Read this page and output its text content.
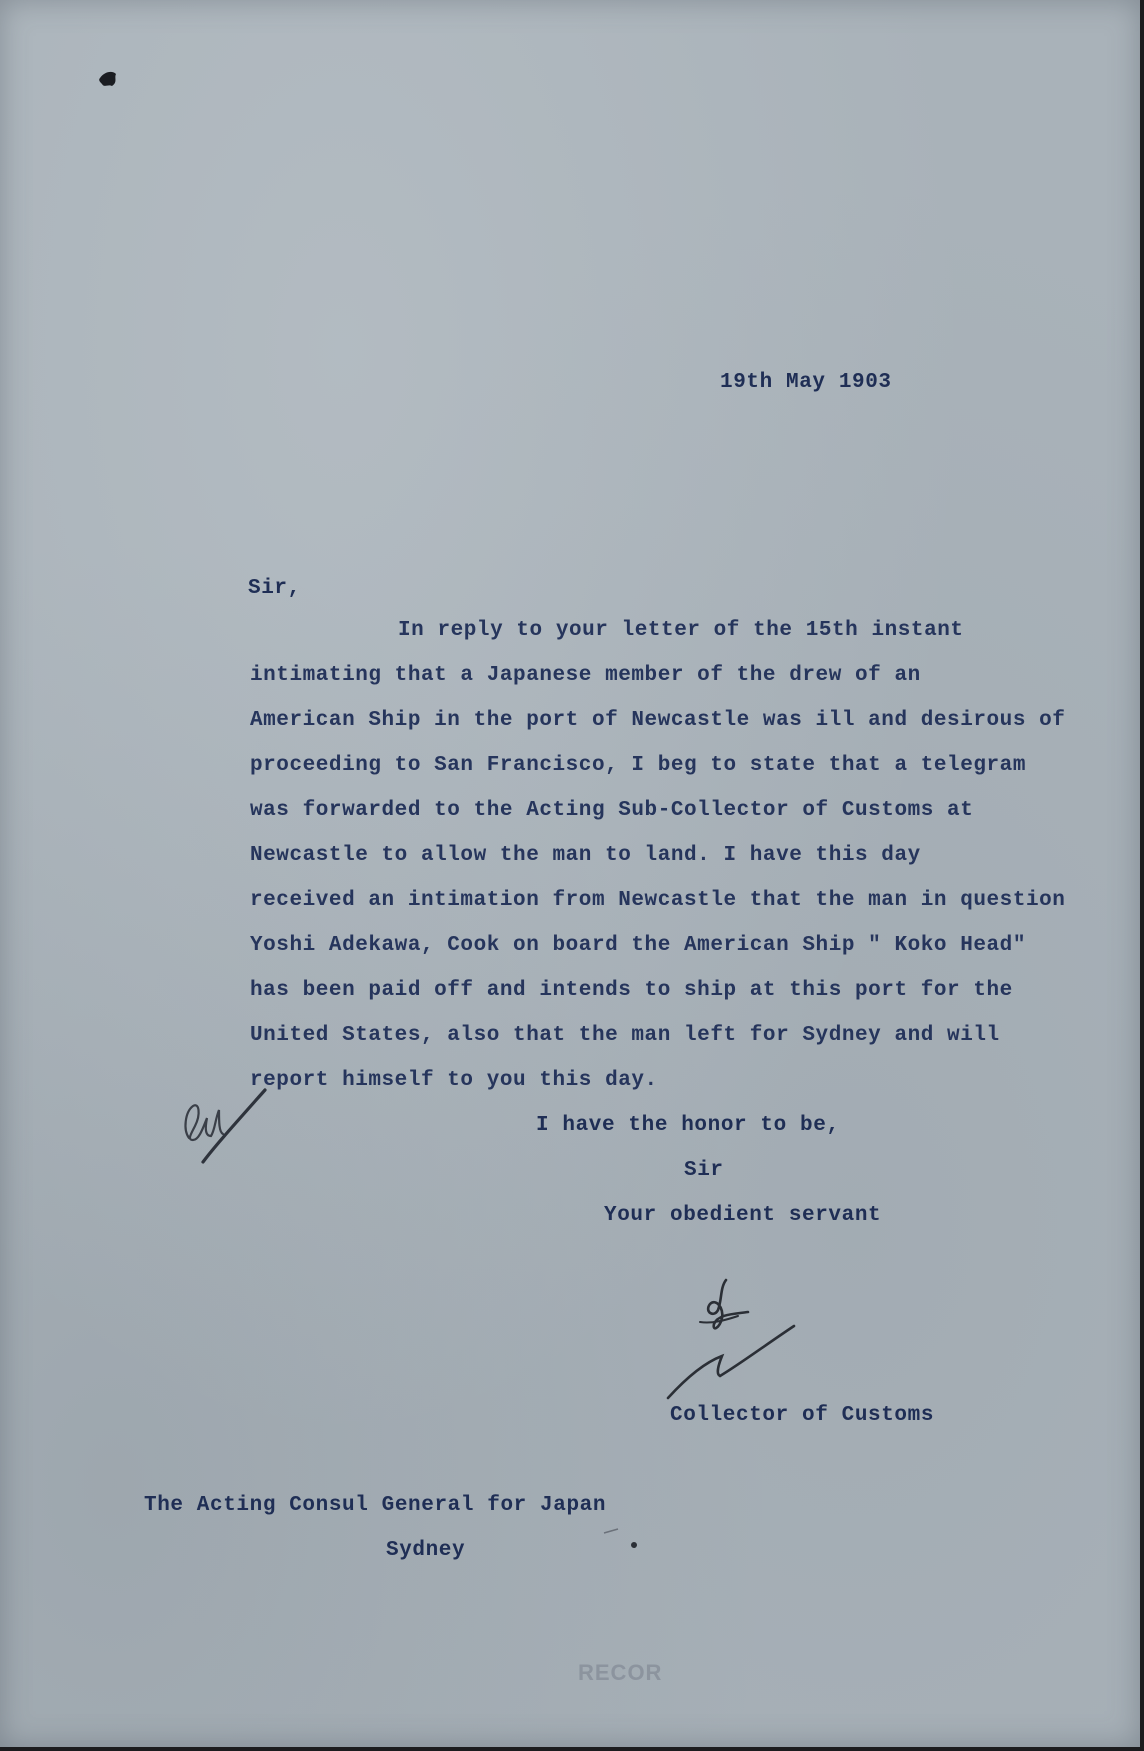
19th May 1903
Sir,
In reply to your letter of the 15th instant
intimating that a Japanese member of the drew of an
American Ship in the port of Newcastle was ill and desirous of
proceeding to San Francisco, I beg to state that a telegram
was forwarded to the Acting Sub-Collector of Customs at
Newcastle to allow the man to land. I have this day
received an intimation from Newcastle that the man in question
Yoshi Adekawa, Cook on board the American Ship " Koko Head"
has been paid off and intends to ship at this port for the
United States, also that the man left for Sydney and will
report himself to you this day.
I have the honor to be,
Sir
Your obedient servant
Collector of Customs
The Acting Consul General for Japan
Sydney
RECOR
